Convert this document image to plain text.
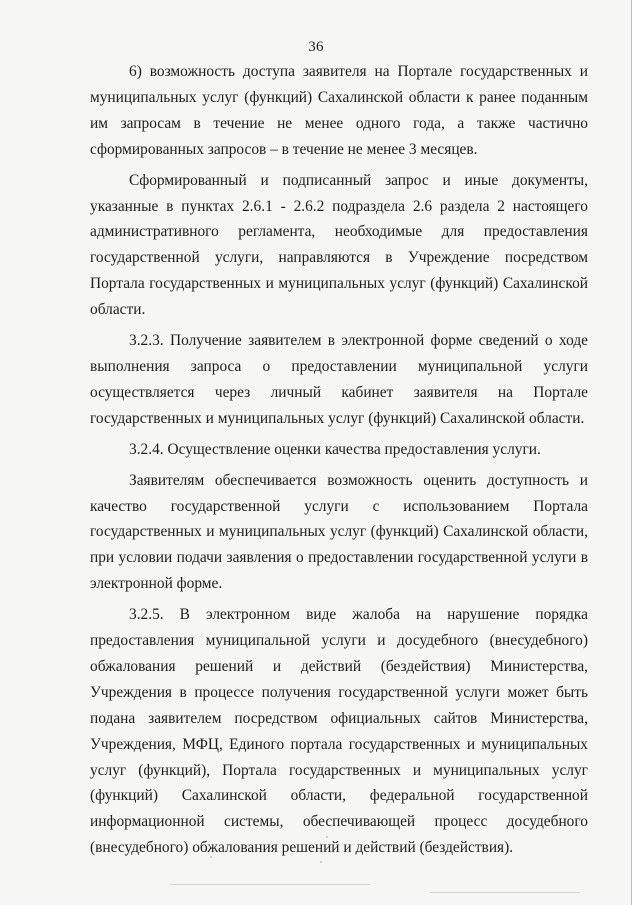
36

6) возможность доступа заявителя на Портале государственных и муниципальных услуг (функций) Сахалинской области к ранее поданным им запросам в течение не менее одного года, а также частично сформированных запросов – в течение не менее 3 месяцев.

Сформированный и подписанный запрос и иные документы, указанные в пунктах 2.6.1 - 2.6.2 подраздела 2.6 раздела 2 настоящего административного регламента, необходимые для предоставления государственной услуги, направляются в Учреждение посредством Портала государственных и муниципальных услуг (функций) Сахалинской области.

3.2.3. Получение заявителем в электронной форме сведений о ходе выполнения запроса о предоставлении муниципальной услуги осуществляется через личный кабинет заявителя на Портале государственных и муниципальных услуг (функций) Сахалинской области.

3.2.4. Осуществление оценки качества предоставления услуги.

Заявителям обеспечивается возможность оценить доступность и качество государственной услуги с использованием Портала государственных и муниципальных услуг (функций) Сахалинской области, при условии подачи заявления о предоставлении государственной услуги в электронной форме.

3.2.5. В электронном виде жалоба на нарушение порядка предоставления муниципальной услуги и досудебного (внесудебного) обжалования решений и действий (бездействия) Министерства, Учреждения в процессе получения государственной услуги может быть подана заявителем посредством официальных сайтов Министерства, Учреждения, МФЦ, Единого портала государственных и муниципальных услуг (функций), Портала государственных и муниципальных услуг (функций) Сахалинской области, федеральной государственной информационной системы, обеспечивающей процесс досудебного (внесудебного) обжалования решений и действий (бездействия).
